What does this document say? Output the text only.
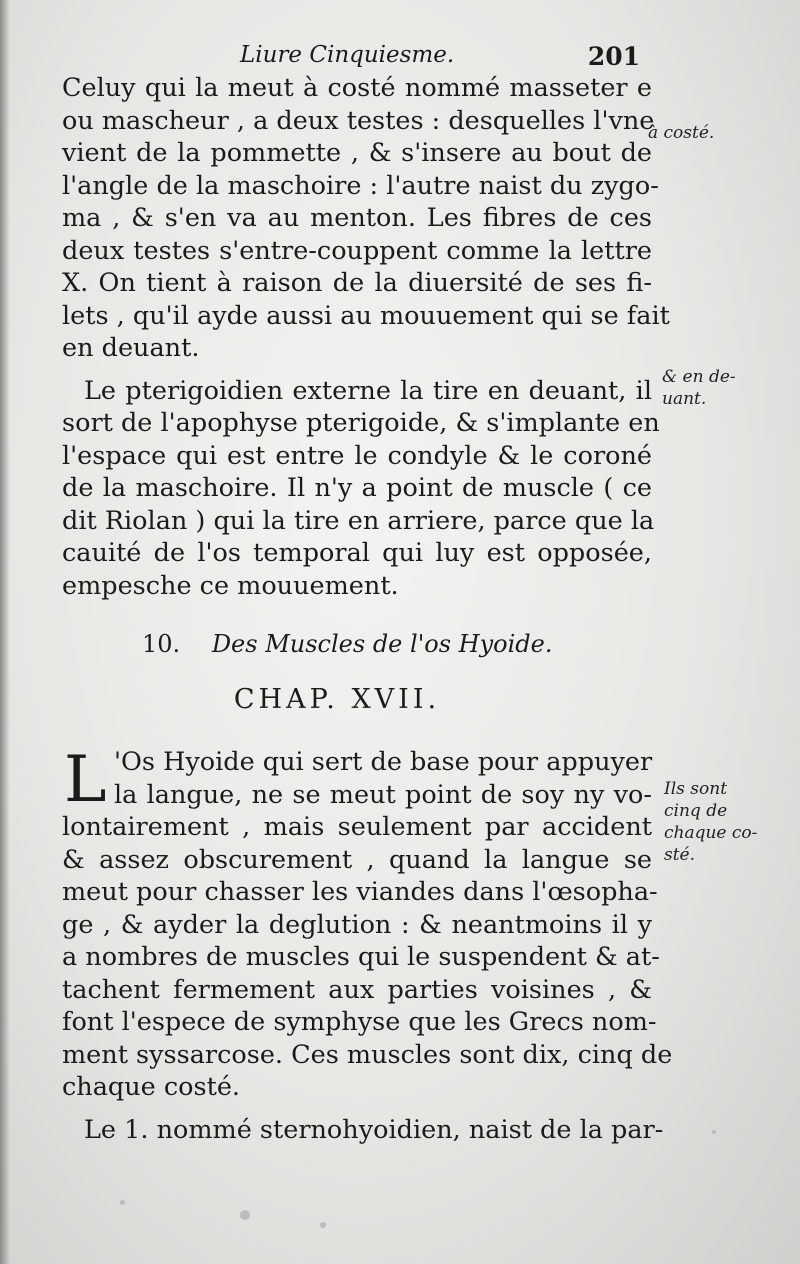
Liure Cinquiesme.	201
Celuy qui la meut à costé nommé masseter e
ou mascheur , a deux testes : desquelles l'vne
vient de la pommette , & s'insere au bout de
l'angle de la maschoire : l'autre naist du zygo-
ma , & s'en va au menton. Les fibres de ces
deux testes s'entre-couppent comme la lettre
X. On tient à raison de la diuersité de ses fi-
lets , qu'il ayde aussi au mouuement qui se fait
en deuant.
Le pterigoidien externe la tire en deuant, il
sort de l'apophyse pterigoide, & s'implante en
l'espace qui est entre le condyle & le coroné
de la maschoire. Il n'y a point de muscle ( ce
dit Riolan ) qui la tire en arriere, parce que la
cauité de l'os temporal qui luy est opposée,
empesche ce mouuement.
10. Des Muscles de l'os Hyoide.
CHAP. XVII.
L 'Os Hyoide qui sert de base pour appuyer
la langue, ne se meut point de soy ny vo-
lontairement , mais seulement par accident
& assez obscurement , quand la langue se
meut pour chasser les viandes dans l'œsopha-
ge , & ayder la deglution : & neantmoins il y
a nombres de muscles qui le suspendent & at-
tachent fermement aux parties voisines , &
font l'espece de symphyse que les Grecs nom-
ment syssarcose. Ces muscles sont dix, cinq de
chaque costé.
Le 1. nommé sternohyoidien, naist de la par-
à costé.
& en de-
uant.
Ils sont
cinq de
chaque co-
sté.
